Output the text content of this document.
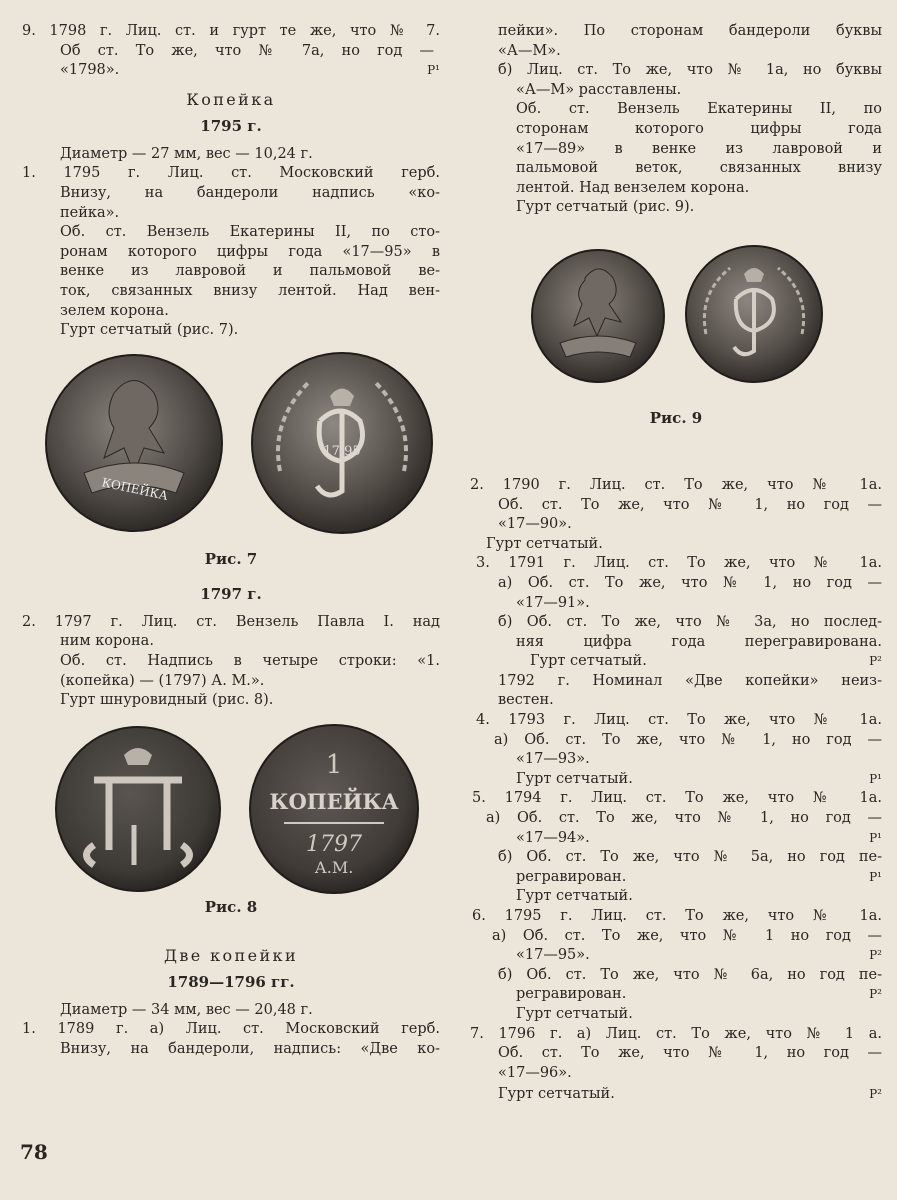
9. 1798 г. Лиц. ст. и гурт те же, что № 7.
Об ст. То же, что № 7а, но год —
«1798».	Р¹
Копейка
1795 г.
Диаметр — 27 мм, вес — 10,24 г.
1. 1795 г. Лиц. ст. Московский герб.
Внизу, на бандероли надпись «ко-
пейка».
Об. ст. Вензель Екатерины II, по сто-
ронам которого цифры года «17—95» в
венке из лавровой и пальмовой ве-
ток, связанных внизу лентой. Над вен-
зелем корона.
Гурт сетчатый (рис. 7).
КОПЕЙКА
17 95
Рис. 7
1797 г.
2. 1797 г. Лиц. ст. Вензель Павла I. над
ним корона.
Об. ст. Надпись в четыре строки: «1.
(копейка) — (1797) А. М.».
Гурт шнуровидный (рис. 8).
1
КОПЕЙКА
1797
А.М.
Рис. 8
Две копейки
1789—1796 гг.
Диаметр — 34 мм, вес — 20,48 г.
1. 1789 г. а) Лиц. ст. Московский герб.
Внизу, на бандероли, надпись: «Две ко-
пейки». По сторонам бандероли буквы
«А—М».
б) Лиц. ст. То же, что № 1а, но буквы
«А—М» расставлены.
Об. ст. Вензель Екатерины II, по
сторонам которого цифры года
«17—89» в венке из лавровой и
пальмовой веток, связанных внизу
лентой. Над вензелем корона.
Гурт сетчатый (рис. 9).
Рис. 9
2. 1790 г. Лиц. ст. То же, что № 1а.
Об. ст. То же, что № 1, но год —
«17—90».
Гурт сетчатый.
3. 1791 г. Лиц. ст. То же, что № 1а.
а) Об. ст. То же, что № 1, но год —
«17—91».
б) Об. ст. То же, что № 3а, но послед-
няя цифра года перегравирована.
Гурт сетчатый.	Р²
1792 г. Номинал «Две копейки» неиз-
вестен.
4. 1793 г. Лиц. ст. То же, что № 1а.
а) Об. ст. То же, что № 1, но год —
«17—93».
Гурт сетчатый.	Р¹
5. 1794 г. Лиц. ст. То же, что № 1а.
а) Об. ст. То же, что № 1, но год —
«17—94».	Р¹
б) Об. ст. То же, что № 5а, но год пе-
регравирован.	Р¹
Гурт сетчатый.
6. 1795 г. Лиц. ст. То же, что № 1а.
а) Об. ст. То же, что № 1 но год —
«17—95».	Р²
б) Об. ст. То же, что № 6а, но год пе-
регравирован.	Р²
Гурт сетчатый.
7. 1796 г. а) Лиц. ст. То же, что № 1 а.
Об. ст. То же, что № 1, но год —
«17—96».
Гурт сетчатый.	Р²
78
